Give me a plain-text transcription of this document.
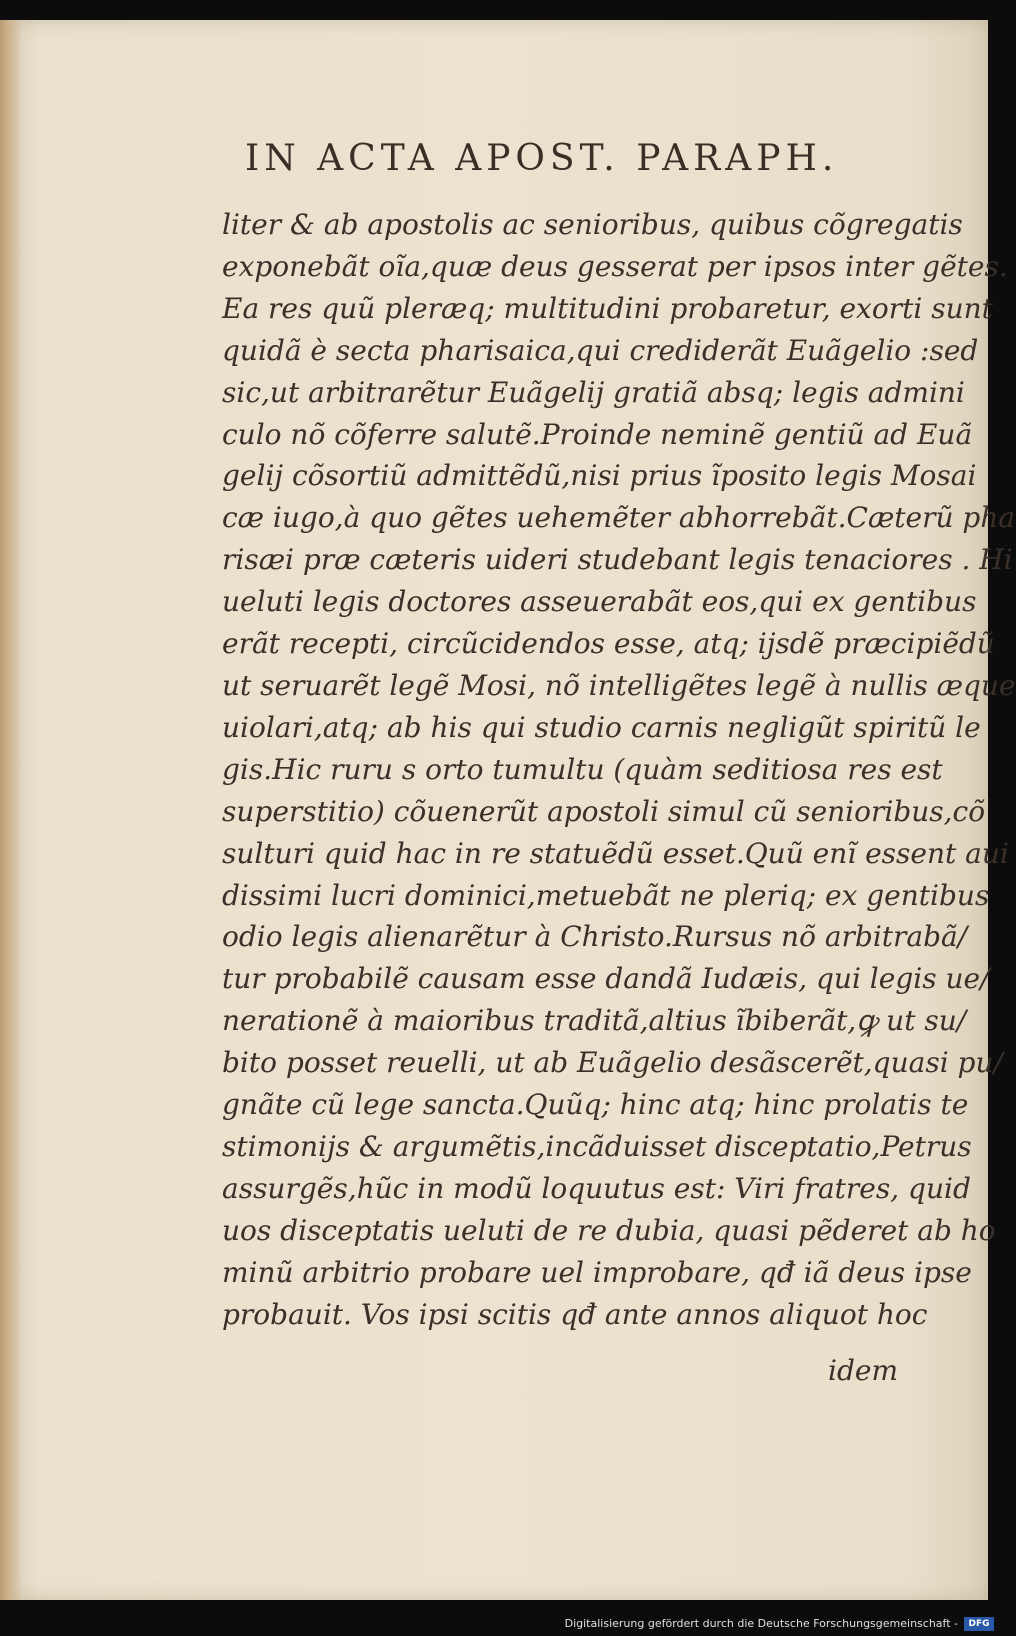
IN ACTA APOST. PARAPH.
liter & ab apostolis ac senioribus, quibus cõgregatis
exponebãt oĩa,quæ deus gesserat per ipsos inter gẽtes.
Ea res quũ pleræq; multitudini probaretur, exorti sunt
quidã è secta pharisaica,qui crediderãt Euãgelio :sed
sic,ut arbitrarẽtur Euãgelij gratiã absq; legis admini
culo nõ cõferre salutẽ.Proinde neminẽ gentiũ ad Euã
gelij cõsortiũ admittẽdũ,nisi prius ĩposito legis Mosai
cæ iugo,à quo gẽtes uehemẽter abhorrebãt.Cæterũ pha
risæi præ cæteris uideri studebant legis tenaciores . Hi
ueluti legis doctores asseuerabãt eos,qui ex gentibus
erãt recepti, circũcidendos esse, atq; ijsdẽ præcipiẽdũ
ut seruarẽt legẽ Mosi, nõ intelligẽtes legẽ à nullis æque
uiolari,atq; ab his qui studio carnis negligũt spiritũ le
gis.Hic ruru s orto tumultu (quàm seditiosa res est
superstitio) cõuenerũt apostoli simul cũ senioribus,cõ
sulturi quid hac in re statuẽdũ esset.Quũ enĩ essent aui
dissimi lucri dominici,metuebãt ne pleriq; ex gentibus
odio legis alienarẽtur à Christo.Rursus nõ arbitrabã/
tur probabilẽ causam esse dandã Iudæis, qui legis ue/
nerationẽ à maioribus traditã,altius ĩbiberãt,ꝙ ut su/
bito posset reuelli, ut ab Euãgelio desãscerẽt,quasi pu/
gnãte cũ lege sancta.Quũq; hinc atq; hinc prolatis te
stimonijs & argumẽtis,incãduisset disceptatio,Petrus
assurgẽs,hũc in modũ loquutus est: Viri fratres, quid
uos disceptatis ueluti de re dubia, quasi pẽderet ab ho
minũ arbitrio probare uel improbare, qđ iã deus ipse
probauit. Vos ipsi scitis qđ ante annos aliquot hoc
idem
Digitalisierung gefördert durch die Deutsche Forschungsgemeinschaft -	DFG
